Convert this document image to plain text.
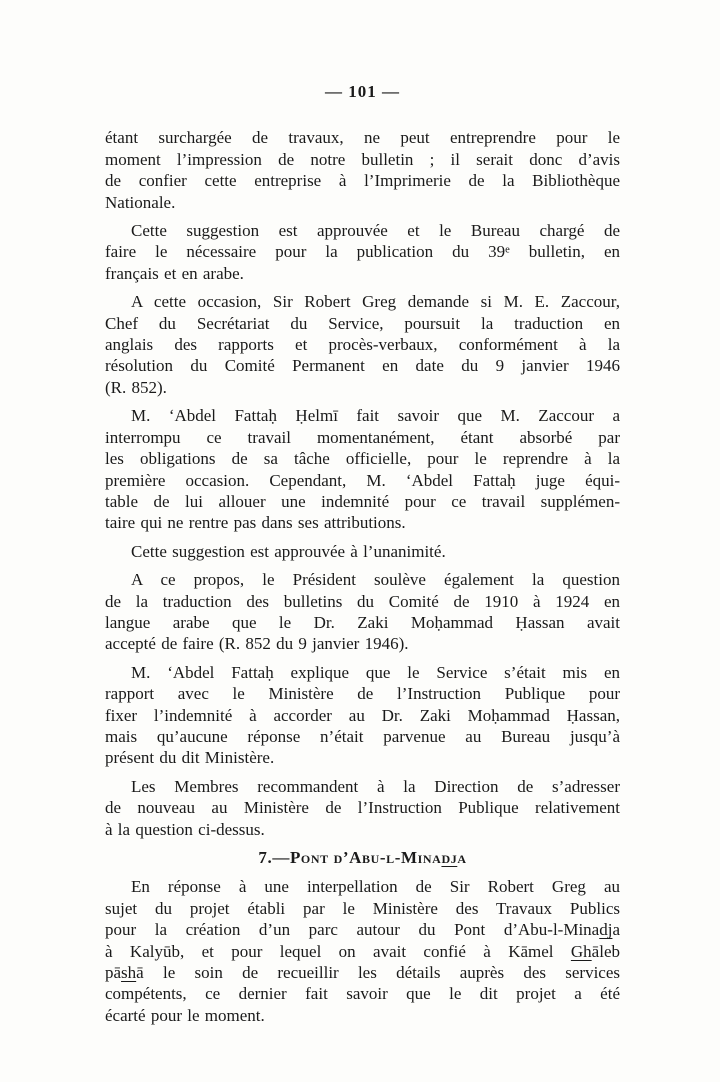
— 101 —
étant surchargée de travaux, ne peut entreprendre pour le
moment l’impression de notre bulletin ; il serait donc d’avis
de confier cette entreprise à l’Imprimerie de la Bibliothèque
Nationale.
Cette suggestion est approuvée et le Bureau chargé de
faire le nécessaire pour la publication du 39e bulletin, en
français et en arabe.
A cette occasion, Sir Robert Greg demande si M. E. Zaccour,
Chef du Secrétariat du Service, poursuit la traduction en
anglais des rapports et procès-verbaux, conformément à la
résolution du Comité Permanent en date du 9 janvier 1946
(R. 852).
M. ‘Abdel Fattaḥ Ḥelmī fait savoir que M. Zaccour a
interrompu ce travail momentanément, étant absorbé par
les obligations de sa tâche officielle, pour le reprendre à la
première occasion. Cependant, M. ‘Abdel Fattaḥ juge équi-
table de lui allouer une indemnité pour ce travail supplémen-
taire qui ne rentre pas dans ses attributions.
Cette suggestion est approuvée à l’unanimité.
A ce propos, le Président soulève également la question
de la traduction des bulletins du Comité de 1910 à 1924 en
langue arabe que le Dr. Zaki Moḥammad Ḥassan avait
accepté de faire (R. 852 du 9 janvier 1946).
M. ‘Abdel Fattaḥ explique que le Service s’était mis en
rapport avec le Ministère de l’Instruction Publique pour
fixer l’indemnité à accorder au Dr. Zaki Moḥammad Ḥassan,
mais qu’aucune réponse n’était parvenue au Bureau jusqu’à
présent du dit Ministère.
Les Membres recommandent à la Direction de s’adresser
de nouveau au Ministère de l’Instruction Publique relativement
à la question ci-dessus.
7.—Pont d’Abu-l-Minadja
En réponse à une interpellation de Sir Robert Greg au
sujet du projet établi par le Ministère des Travaux Publics
pour la création d’un parc autour du Pont d’Abu-l-Minadja
à Kalyūb, et pour lequel on avait confié à Kāmel Ghāleb
pāshā le soin de recueillir les détails auprès des services
compétents, ce dernier fait savoir que le dit projet a été
écarté pour le moment.
